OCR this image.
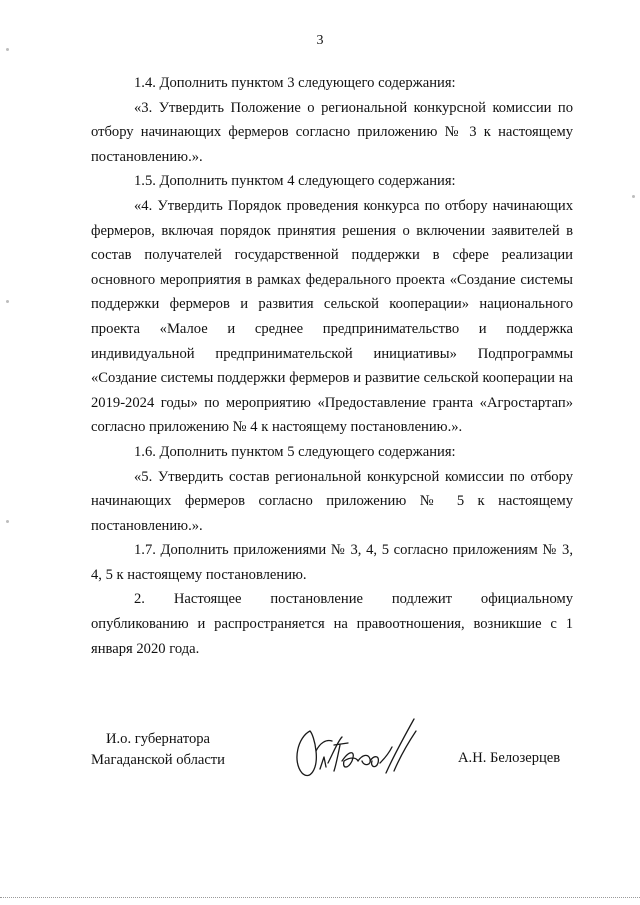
3

1.4. Дополнить пунктом 3 следующего содержания:

«3. Утвердить Положение о региональной конкурсной комиссии по отбору начинающих фермеров согласно приложению № 3 к настоящему постановлению.».

1.5. Дополнить пунктом 4 следующего содержания:

«4. Утвердить Порядок проведения конкурса по отбору начинающих фермеров, включая порядок принятия решения о включении заявителей в состав получателей государственной поддержки в сфере реализации основного мероприятия в рамках федерального проекта «Создание системы поддержки фермеров и развития сельской кооперации» национального проекта «Малое и среднее предпринимательство и поддержка индивидуальной предпринимательской инициативы» Подпрограммы «Создание системы поддержки фермеров и развитие сельской кооперации на 2019-2024 годы» по мероприятию «Предоставление гранта «Агростартап» согласно приложению № 4 к настоящему постановлению.».

1.6. Дополнить пунктом 5 следующего содержания:

«5. Утвердить состав региональной конкурсной комиссии по отбору начинающих фермеров согласно приложению № 5 к настоящему постановлению.».

1.7. Дополнить приложениями № 3, 4, 5 согласно приложениям № 3, 4, 5 к настоящему постановлению.

2. Настоящее постановление подлежит официальному опубликованию и распространяется на правоотношения, возникшие с 1 января 2020 года.

И.о. губернатора
Магаданской области	А.Н. Белозерцев
